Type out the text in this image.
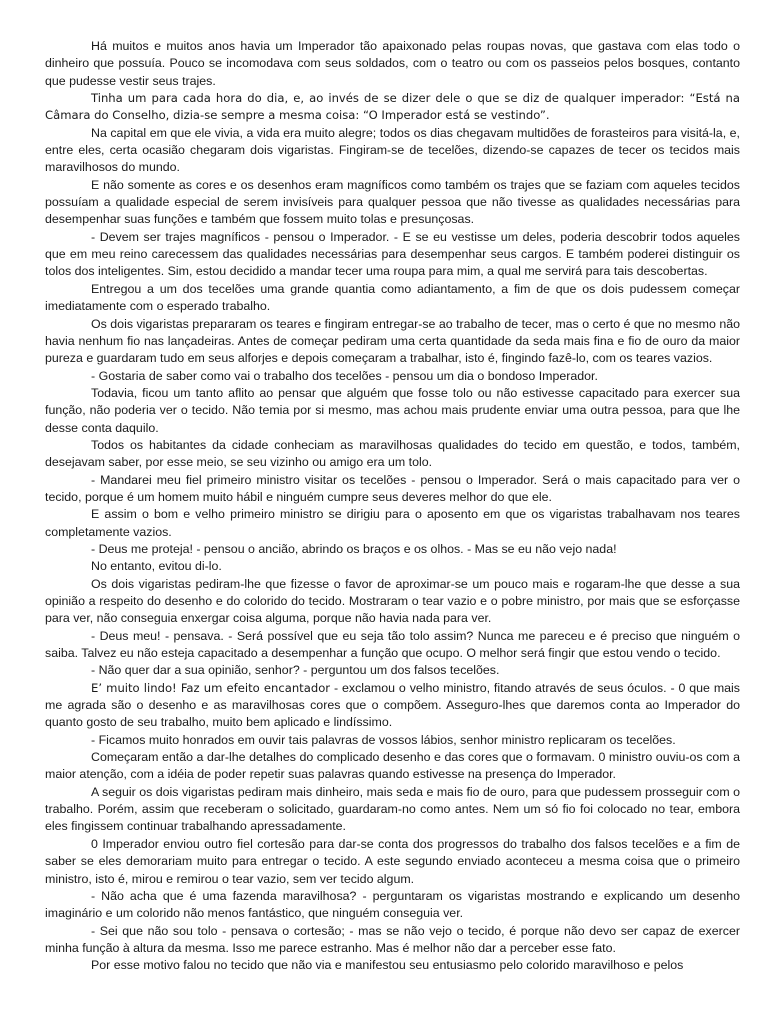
Há muitos e muitos anos havia um Imperador tão apaixonado pelas roupas novas, que gastava com elas todo o dinheiro que possuía. Pouco se incomodava com seus soldados, com o teatro ou com os passeios pelos bosques, contanto que pudesse vestir seus trajes.

Tinha um para cada hora do dia, e, ao invés de se dizer dele o que se diz de qualquer imperador: “Está na Câmara do Conselho, dizia-se sempre a mesma coisa: “O Imperador está se vestindo”.

Na capital em que ele vivia, a vida era muito alegre; todos os dias chegavam multidões de forasteiros para visitá-la, e, entre eles, certa ocasião chegaram dois vigaristas. Fingiram-se de tecelões, dizendo-se capazes de tecer os tecidos mais maravilhosos do mundo.

E não somente as cores e os desenhos eram magníficos como também os trajes que se faziam com aqueles tecidos possuíam a qualidade especial de serem invisíveis para qualquer pessoa que não tivesse as qualidades necessárias para desempenhar suas funções e também que fossem muito tolas e presunçosas.

- Devem ser trajes magníficos - pensou o Imperador. - E se eu vestisse um deles, poderia descobrir todos aqueles que em meu reino carecessem das qualidades necessárias para desempenhar seus cargos. E também poderei distinguir os tolos dos inteligentes. Sim, estou decidido a mandar tecer uma roupa para mim, a qual me servirá para tais descobertas.

Entregou a um dos tecelões uma grande quantia como adiantamento, a fim de que os dois pudessem começar imediatamente com o esperado trabalho.

Os dois vigaristas prepararam os teares e fingiram entregar-se ao trabalho de tecer, mas o certo é que no mesmo não havia nenhum fio nas lançadeiras. Antes de começar pediram uma certa quantidade da seda mais fina e fio de ouro da maior pureza e guardaram tudo em seus alforjes e depois começaram a trabalhar, isto é, fingindo fazê-lo, com os teares vazios.

- Gostaria de saber como vai o trabalho dos tecelões - pensou um dia o bondoso Imperador.

Todavia, ficou um tanto aflito ao pensar que alguém que fosse tolo ou não estivesse capacitado para exercer sua função, não poderia ver o tecido. Não temia por si mesmo, mas achou mais prudente enviar uma outra pessoa, para que lhe desse conta daquilo.

Todos os habitantes da cidade conheciam as maravilhosas qualidades do tecido em questão, e todos, também, desejavam saber, por esse meio, se seu vizinho ou amigo era um tolo.

- Mandarei meu fiel primeiro ministro visitar os tecelões - pensou o Imperador. Será o mais capacitado para ver o tecido, porque é um homem muito hábil e ninguém cumpre seus deveres melhor do que ele.

E assim o bom e velho primeiro ministro se dirigiu para o aposento em que os vigaristas trabalhavam nos teares completamente vazios.

- Deus me proteja! - pensou o ancião, abrindo os braços e os olhos. - Mas se eu não vejo nada!

No entanto, evitou di-lo.

Os dois vigaristas pediram-lhe que fizesse o favor de aproximar-se um pouco mais e rogaram-lhe que desse a sua opinião a respeito do desenho e do colorido do tecido. Mostraram o tear vazio e o pobre ministro, por mais que se esforçasse para ver, não conseguia enxergar coisa alguma, porque não havia nada para ver.

- Deus meu! - pensava. - Será possível que eu seja tão tolo assim? Nunca me pareceu e é preciso que ninguém o saiba. Talvez eu não esteja capacitado a desempenhar a função que ocupo. O melhor será fingir que estou vendo o tecido.

- Não quer dar a sua opinião, senhor? - perguntou um dos falsos tecelões.

E’ muito lindo! Faz um efeito encantador - exclamou o velho ministro, fitando através de seus óculos. - 0 que mais me agrada são o desenho e as maravilhosas cores que o compõem. Asseguro-lhes que daremos conta ao Imperador do quanto gosto de seu trabalho, muito bem aplicado e lindíssimo.

- Ficamos muito honrados em ouvir tais palavras de vossos lábios, senhor ministro replicaram os tecelões.

Começaram então a dar-lhe detalhes do complicado desenho e das cores que o formavam. 0 ministro ouviu-os com a maior atenção, com a idéia de poder repetir suas palavras quando estivesse na presença do Imperador.

A seguir os dois vigaristas pediram mais dinheiro, mais seda e mais fio de ouro, para que pudessem prosseguir com o trabalho. Porém, assim que receberam o solicitado, guardaram-no como antes. Nem um só fio foi colocado no tear, embora eles fingissem continuar trabalhando apressadamente.

0 Imperador enviou outro fiel cortesão para dar-se conta dos progressos do trabalho dos falsos tecelões e a fim de saber se eles demorariam muito para entregar o tecido. A este segundo enviado aconteceu a mesma coisa que o primeiro ministro, isto é, mirou e remirou o tear vazio, sem ver tecido algum.

- Não acha que é uma fazenda maravilhosa? - perguntaram os vigaristas mostrando e explicando um desenho imaginário e um colorido não menos fantástico, que ninguém conseguia ver.

- Sei que não sou tolo - pensava o cortesão; - mas se não vejo o tecido, é porque não devo ser capaz de exercer minha função à altura da mesma. Isso me parece estranho. Mas é melhor não dar a perceber esse fato.

Por esse motivo falou no tecido que não via e manifestou seu entusiasmo pelo colorido maravilhoso e pelos
